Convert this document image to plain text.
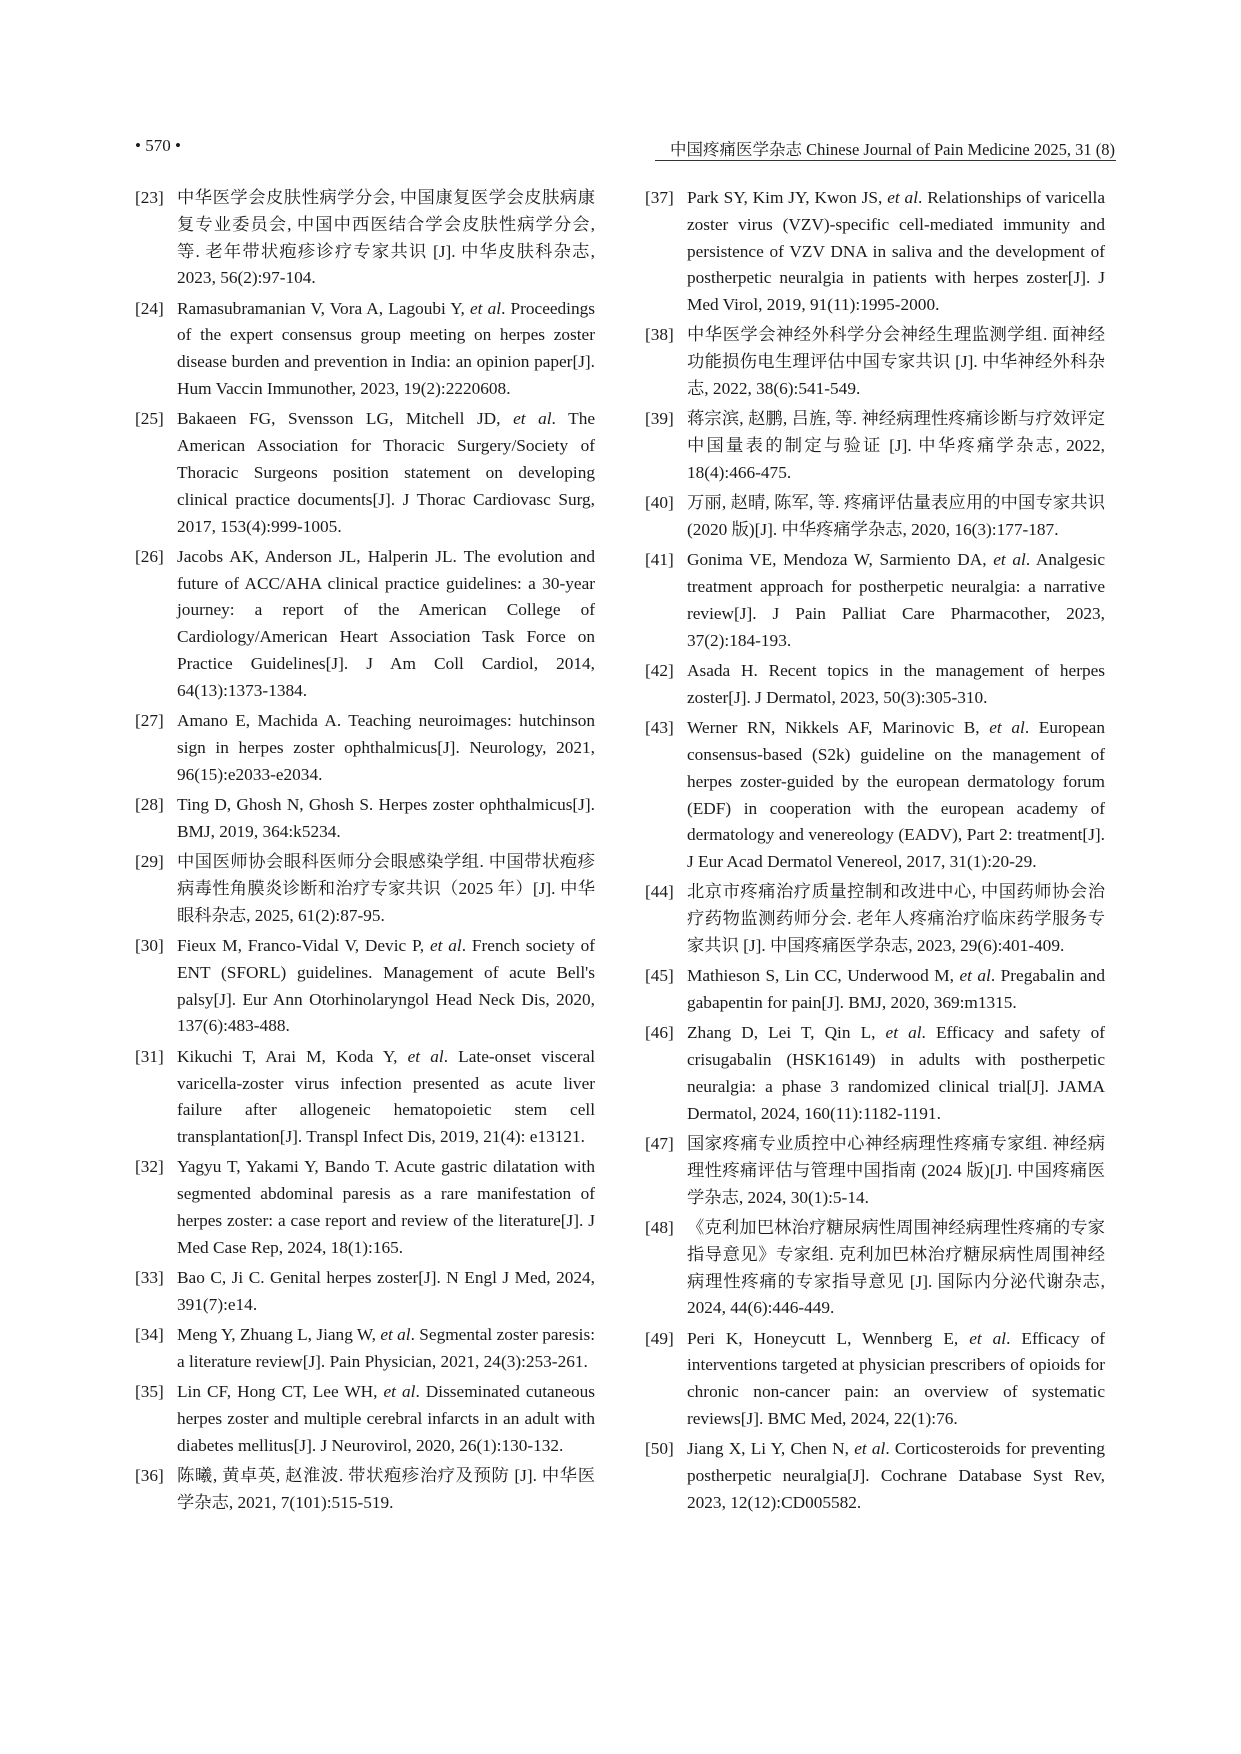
• 570 •	中国疼痛医学杂志 Chinese Journal of Pain Medicine 2025, 31 (8)
[23] 中华医学会皮肤性病学分会, 中国康复医学会皮肤病康复专业委员会, 中国中西医结合学会皮肤性病学分会, 等. 老年带状疱疹诊疗专家共识 [J]. 中华皮肤科杂志, 2023, 56(2):97-104.
[24] Ramasubramanian V, Vora A, Lagoubi Y, et al. Proceedings of the expert consensus group meeting on herpes zoster disease burden and prevention in India: an opinion paper[J]. Hum Vaccin Immunother, 2023, 19(2):2220608.
[25] Bakaeen FG, Svensson LG, Mitchell JD, et al. The American Association for Thoracic Surgery/Society of Thoracic Surgeons position statement on developing clinical practice documents[J]. J Thorac Cardiovasc Surg, 2017, 153(4):999-1005.
[26] Jacobs AK, Anderson JL, Halperin JL. The evolution and future of ACC/AHA clinical practice guidelines: a 30-year journey: a report of the American College of Cardiology/American Heart Association Task Force on Practice Guidelines[J]. J Am Coll Cardiol, 2014, 64(13):1373-1384.
[27] Amano E, Machida A. Teaching neuroimages: hutchinson sign in herpes zoster ophthalmicus[J]. Neurology, 2021, 96(15):e2033-e2034.
[28] Ting D, Ghosh N, Ghosh S. Herpes zoster ophthalmicus[J]. BMJ, 2019, 364:k5234.
[29] 中国医师协会眼科医师分会眼感染学组. 中国带状疱疹病毒性角膜炎诊断和治疗专家共识（2025 年）[J]. 中华眼科杂志, 2025, 61(2):87-95.
[30] Fieux M, Franco-Vidal V, Devic P, et al. French society of ENT (SFORL) guidelines. Management of acute Bell's palsy[J]. Eur Ann Otorhinolaryngol Head Neck Dis, 2020, 137(6):483-488.
[31] Kikuchi T, Arai M, Koda Y, et al. Late-onset visceral varicella-zoster virus infection presented as acute liver failure after allogeneic hematopoietic stem cell transplantation[J]. Transpl Infect Dis, 2019, 21(4): e13121.
[32] Yagyu T, Yakami Y, Bando T. Acute gastric dilatation with segmented abdominal paresis as a rare manifestation of herpes zoster: a case report and review of the literature[J]. J Med Case Rep, 2024, 18(1):165.
[33] Bao C, Ji C. Genital herpes zoster[J]. N Engl J Med, 2024, 391(7):e14.
[34] Meng Y, Zhuang L, Jiang W, et al. Segmental zoster paresis: a literature review[J]. Pain Physician, 2021, 24(3):253-261.
[35] Lin CF, Hong CT, Lee WH, et al. Disseminated cutaneous herpes zoster and multiple cerebral infarcts in an adult with diabetes mellitus[J]. J Neurovirol, 2020, 26(1):130-132.
[36] 陈曦, 黄卓英, 赵淮波. 带状疱疹治疗及预防 [J]. 中华医学杂志, 2021, 7(101):515-519.
[37] Park SY, Kim JY, Kwon JS, et al. Relationships of varicella zoster virus (VZV)-specific cell-mediated immunity and persistence of VZV DNA in saliva and the development of postherpetic neuralgia in patients with herpes zoster[J]. J Med Virol, 2019, 91(11):1995-2000.
[38] 中华医学会神经外科学分会神经生理监测学组. 面神经功能损伤电生理评估中国专家共识 [J]. 中华神经外科杂志, 2022, 38(6):541-549.
[39] 蒋宗滨, 赵鹏, 吕旌, 等. 神经病理性疼痛诊断与疗效评定中国量表的制定与验证 [J]. 中华疼痛学杂志, 2022, 18(4):466-475.
[40] 万丽, 赵晴, 陈军, 等. 疼痛评估量表应用的中国专家共识 (2020 版)[J]. 中华疼痛学杂志, 2020, 16(3):177-187.
[41] Gonima VE, Mendoza W, Sarmiento DA, et al. Analgesic treatment approach for postherpetic neuralgia: a narrative review[J]. J Pain Palliat Care Pharmacother, 2023, 37(2):184-193.
[42] Asada H. Recent topics in the management of herpes zoster[J]. J Dermatol, 2023, 50(3):305-310.
[43] Werner RN, Nikkels AF, Marinovic B, et al. European consensus-based (S2k) guideline on the management of herpes zoster-guided by the european dermatology forum (EDF) in cooperation with the european academy of dermatology and venereology (EADV), Part 2: treatment[J]. J Eur Acad Dermatol Venereol, 2017, 31(1):20-29.
[44] 北京市疼痛治疗质量控制和改进中心, 中国药师协会治疗药物监测药师分会. 老年人疼痛治疗临床药学服务专家共识 [J]. 中国疼痛医学杂志, 2023, 29(6):401-409.
[45] Mathieson S, Lin CC, Underwood M, et al. Pregabalin and gabapentin for pain[J]. BMJ, 2020, 369:m1315.
[46] Zhang D, Lei T, Qin L, et al. Efficacy and safety of crisugabalin (HSK16149) in adults with postherpetic neuralgia: a phase 3 randomized clinical trial[J]. JAMA Dermatol, 2024, 160(11):1182-1191.
[47] 国家疼痛专业质控中心神经病理性疼痛专家组. 神经病理性疼痛评估与管理中国指南 (2024 版)[J]. 中国疼痛医学杂志, 2024, 30(1):5-14.
[48] 《克利加巴林治疗糖尿病性周围神经病理性疼痛的专家指导意见》专家组. 克利加巴林治疗糖尿病性周围神经病理性疼痛的专家指导意见 [J]. 国际内分泌代谢杂志, 2024, 44(6):446-449.
[49] Peri K, Honeycutt L, Wennberg E, et al. Efficacy of interventions targeted at physician prescribers of opioids for chronic non-cancer pain: an overview of systematic reviews[J]. BMC Med, 2024, 22(1):76.
[50] Jiang X, Li Y, Chen N, et al. Corticosteroids for preventing postherpetic neuralgia[J]. Cochrane Database Syst Rev, 2023, 12(12):CD005582.
